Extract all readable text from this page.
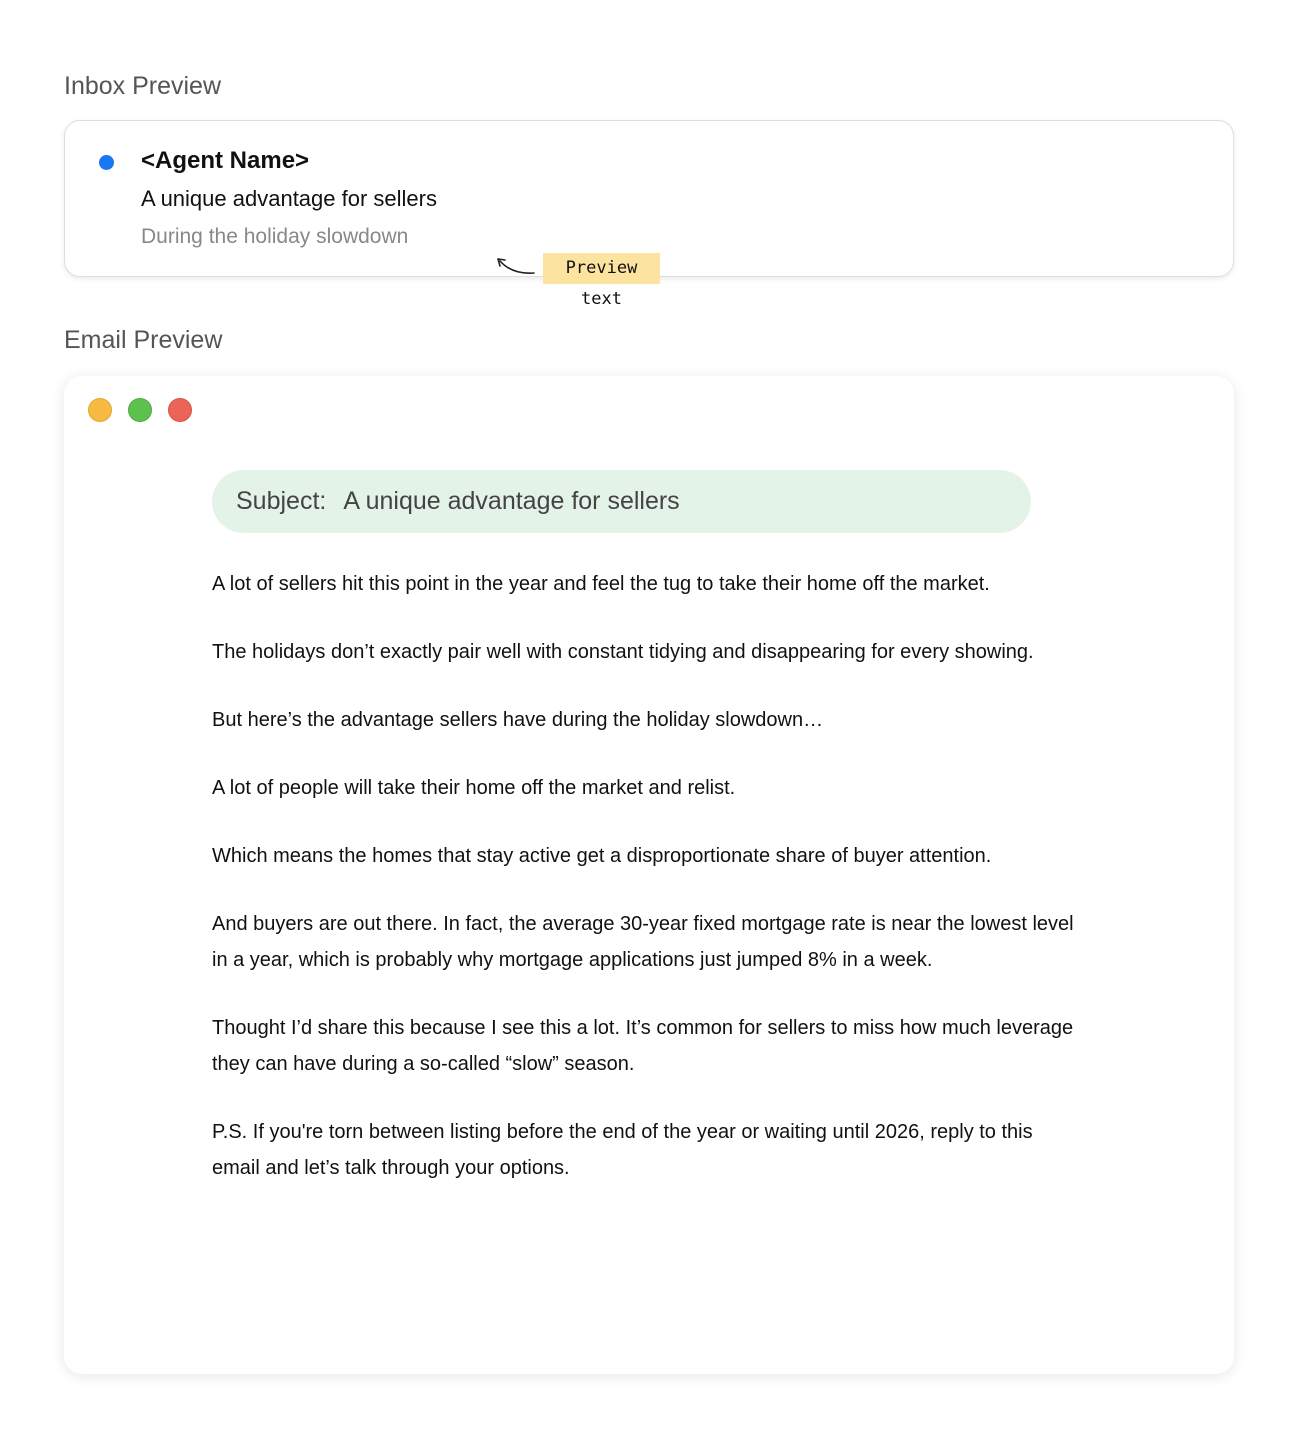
Inbox Preview
<Agent Name>
A unique advantage for sellers
During the holiday slowdown
Preview text
Email Preview
Subject: A unique advantage for sellers

A lot of sellers hit this point in the year and feel the tug to take their home off the market.

The holidays don’t exactly pair well with constant tidying and disappearing for every showing.

But here’s the advantage sellers have during the holiday slowdown…

A lot of people will take their home off the market and relist.

Which means the homes that stay active get a disproportionate share of buyer attention.

And buyers are out there. In fact, the average 30-year fixed mortgage rate is near the lowest level in a year, which is probably why mortgage applications just jumped 8% in a week.

Thought I’d share this because I see this a lot. It’s common for sellers to miss how much leverage they can have during a so-called “slow” season.

P.S. If you're torn between listing before the end of the year or waiting until 2026, reply to this email and let’s talk through your options.
